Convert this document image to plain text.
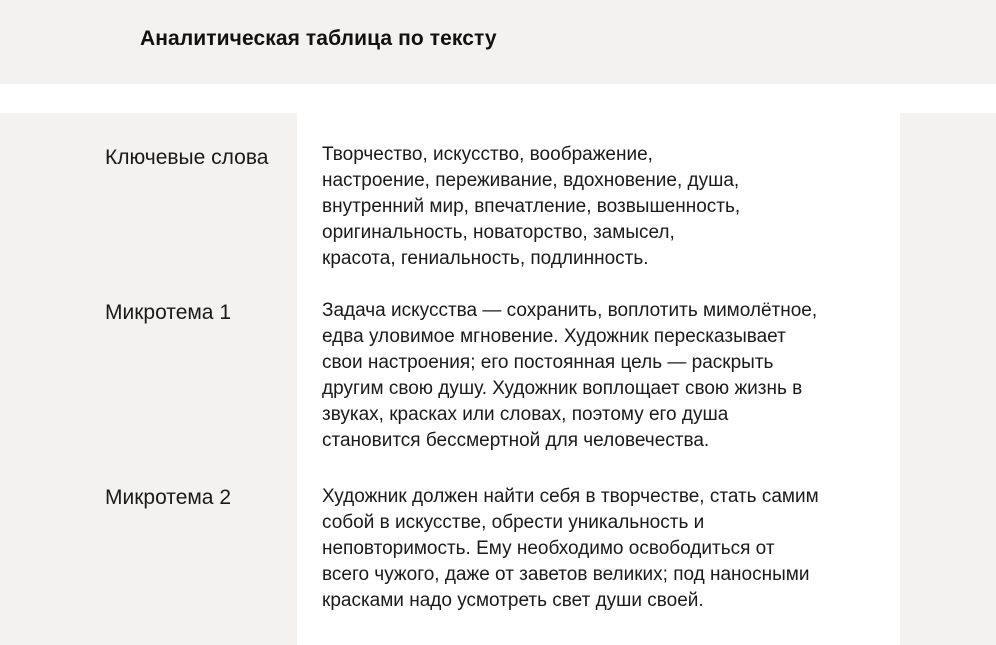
Аналитическая таблица по тексту
Ключевые слова	Творчество, искусство, воображение,
настроение, переживание, вдохновение, душа,
внутренний мир, впечатление, возвышенность,
оригинальность, новаторство, замысел,
красота, гениальность, подлинность.
Микротема 1	Задача искусства — сохранить, воплотить мимолётное,
едва уловимое мгновение. Художник пересказывает
свои настроения; его постоянная цель — раскрыть
другим свою душу. Художник воплощает свою жизнь в
звуках, красках или словах, поэтому его душа
становится бессмертной для человечества.
Микротема 2	Художник должен найти себя в творчестве, стать самим
собой в искусстве, обрести уникальность и
неповторимость. Ему необходимо освободиться от
всего чужого, даже от заветов великих; под наносными
красками надо усмотреть свет души своей.
